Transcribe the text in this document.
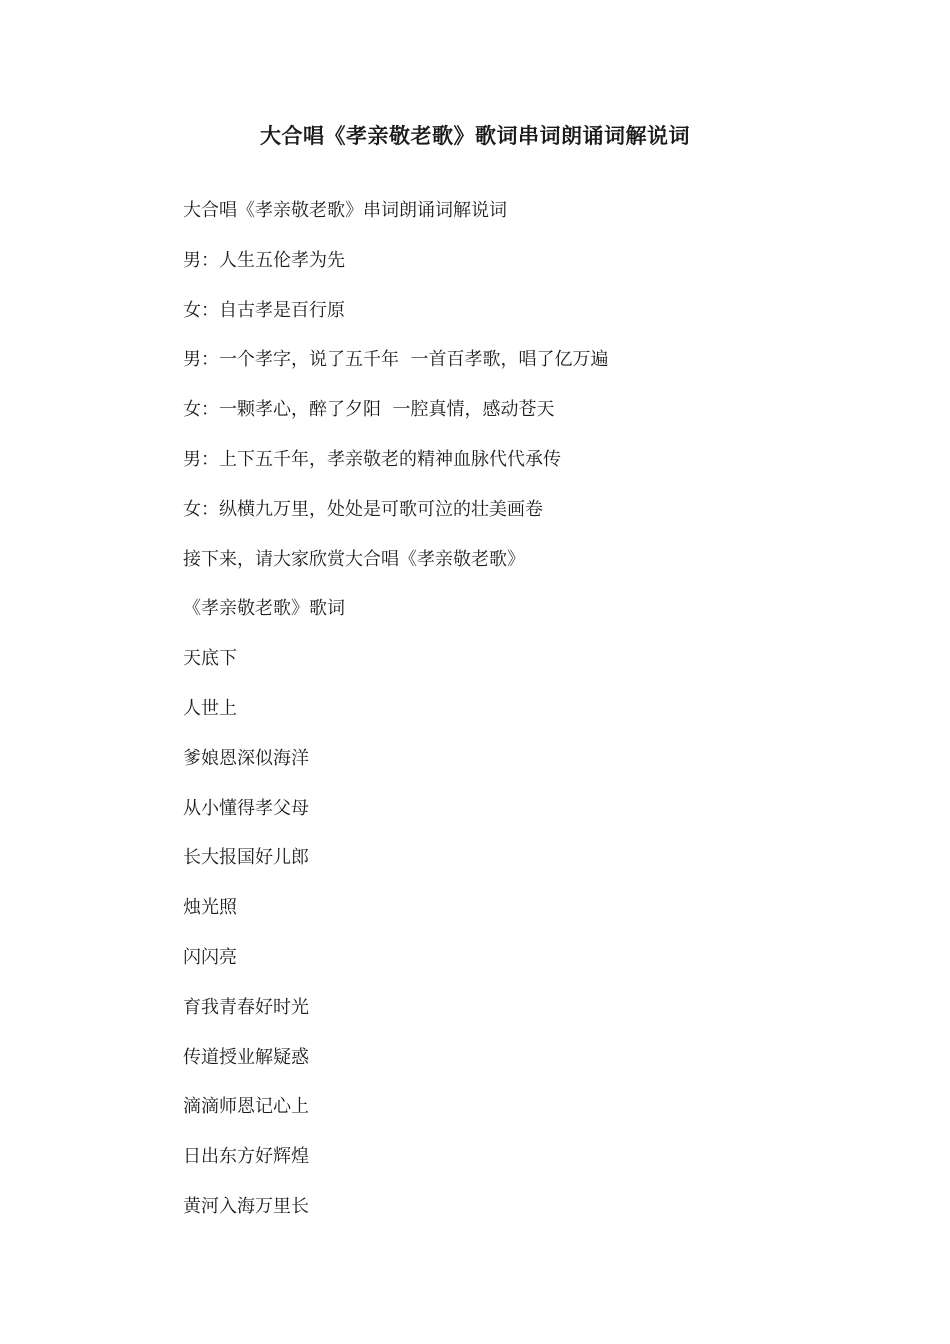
大合唱《孝亲敬老歌》歌词串词朗诵词解说词
大合唱《孝亲敬老歌》串词朗诵词解说词
男：人生五伦孝为先
女：自古孝是百行原
男：一个孝字，说了五千年  一首百孝歌，唱了亿万遍
女：一颗孝心，醉了夕阳  一腔真情，感动苍天
男：上下五千年，孝亲敬老的精神血脉代代承传
女：纵横九万里，处处是可歌可泣的壮美画卷
接下来，请大家欣赏大合唱《孝亲敬老歌》
《孝亲敬老歌》歌词
天底下
人世上
爹娘恩深似海洋
从小懂得孝父母
长大报国好儿郎
烛光照
闪闪亮
育我青春好时光
传道授业解疑惑
滴滴师恩记心上
日出东方好辉煌
黄河入海万里长
